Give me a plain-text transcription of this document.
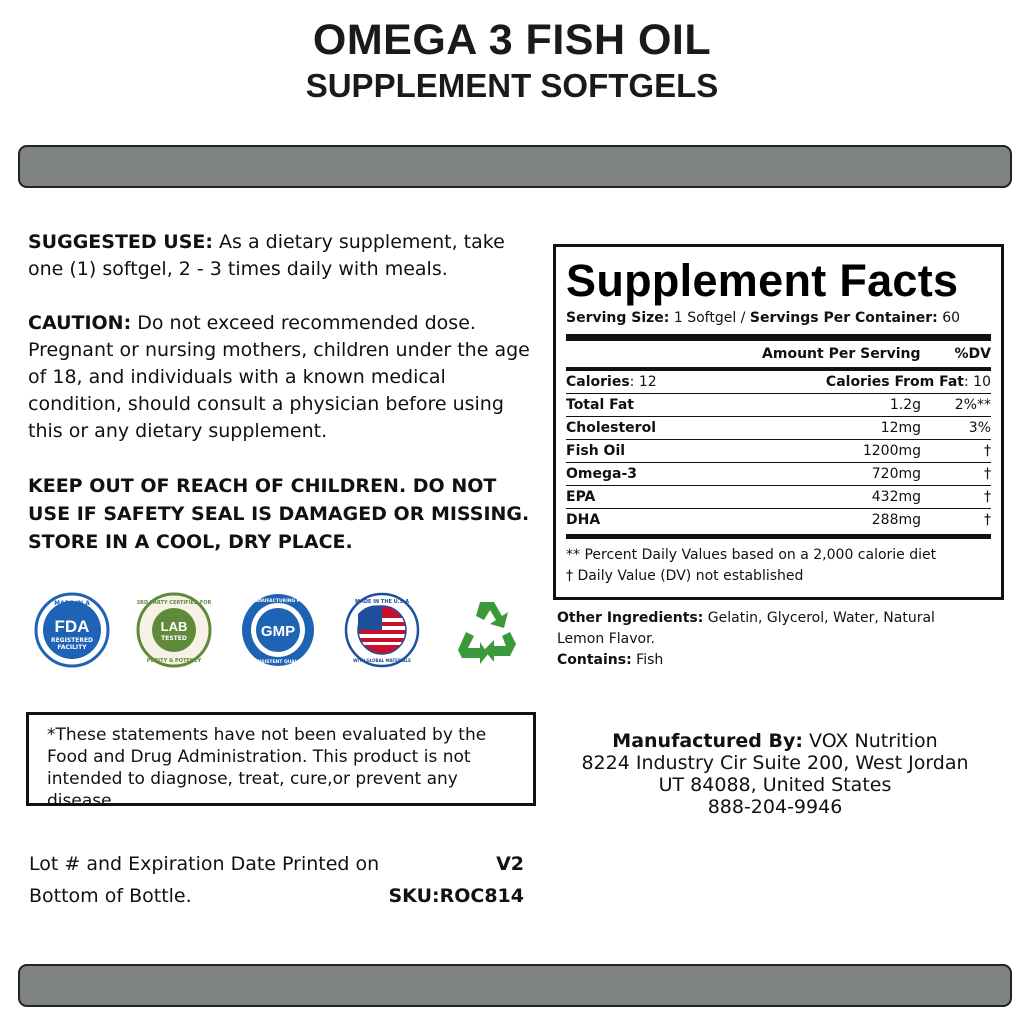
OMEGA 3 FISH OIL
SUPPLEMENT SOFTGELS
SUGGESTED USE: As a dietary supplement, take one (1) softgel, 2 - 3 times daily with meals.
CAUTION: Do not exceed recommended dose. Pregnant or nursing mothers, children under the age of 18, and individuals with a known medical condition, should consult a physician before using this or any dietary supplement.
KEEP OUT OF REACH OF CHILDREN. DO NOT USE IF SAFETY SEAL IS DAMAGED OR MISSING. STORE IN A COOL, DRY PLACE.
MADE IN A
FDA
REGISTERED
FACILITY
3RD PARTY CERTIFIED FOR
LAB
TESTED
PURITY & POTENCY
GOOD MANUFACTURING PRACTICE
GMP
CONSISTENT QUALITY
MADE IN THE U.S.A
WITH GLOBAL MATERIALS
*These statements have not been evaluated by the Food and Drug Administration. This product is not intended to diagnose, treat, cure,or prevent any disease.
Lot # and Expiration Date Printed on
Bottom of Bottle.
V2
SKU:ROC814
Supplement Facts
Serving Size: 1 Softgel / Servings Per Container: 60
Amount Per Serving %DV
Calories: 12	Calories From Fat: 10
Total Fat	1.2g	2%**
Cholesterol	12mg	3%
Fish Oil	1200mg	†
Omega-3	720mg	†
EPA	432mg	†
DHA	288mg	†
** Percent Daily Values based on a 2,000 calorie diet
† Daily Value (DV) not established
Other Ingredients: Gelatin, Glycerol, Water, Natural Lemon Flavor.
Contains: Fish
Manufactured By: VOX Nutrition
8224 Industry Cir Suite 200, West Jordan
UT 84088, United States
888-204-9946
